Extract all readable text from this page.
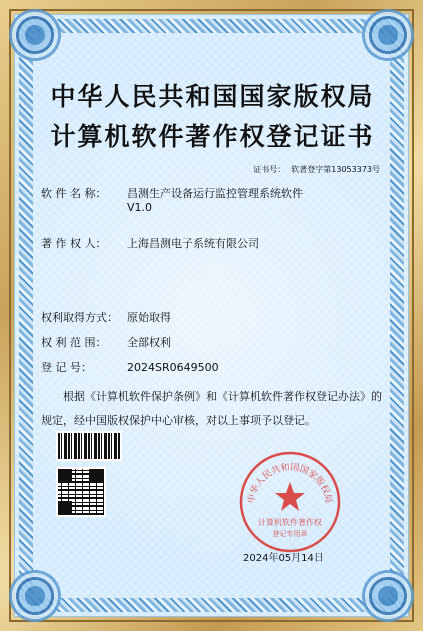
中华人民共和国国家版权局
计算机软件著作权登记证书
证书号： 软著登字第13053373号
软 件 名 称： 昌测生产设备运行监控管理系统软件
V1.0
著 作 权 人： 上海昌测电子系统有限公司
权利取得方式： 原始取得
权 利 范 围： 全部权利
登 记 号：	2024SR0649500
根据《计算机软件保护条例》和《计算机软件著作权登记办法》的
规定，经中国版权保护中心审核，对以上事项予以登记。
中华人民共和国国家版权局
计算机软件著作权
登记专用章
2024年05月14日
